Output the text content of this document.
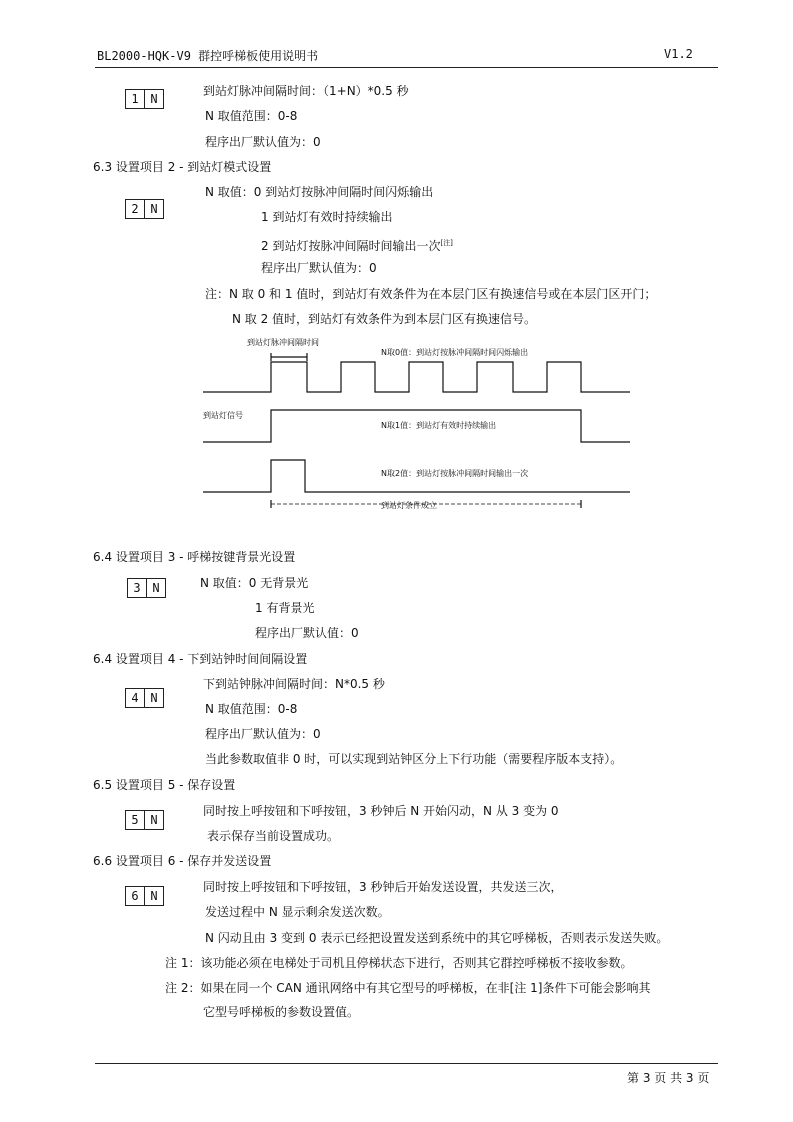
BL2000-HQK-V9 群控呼梯板使用说明书	V1.2
1 N
到站灯脉冲间隔时间：（1+N）*0.5 秒
N 取值范围：0-8
程序出厂默认值为：0
6.3 设置项目 2 - 到站灯模式设置
2 N
N 取值：0 到站灯按脉冲间隔时间闪烁输出
1 到站灯有效时持续输出
2 到站灯按脉冲间隔时间输出一次[注]
程序出厂默认值为：0
注：N 取 0 和 1 值时，到站灯有效条件为在本层门区有换速信号或在本层门区开门；
N 取 2 值时，到站灯有效条件为到本层门区有换速信号。
到站灯脉冲间隔时间
N取0值：到站灯按脉冲间隔时间闪烁输出
到站灯信号
N取1值：到站灯有效时持续输出
N取2值：到站灯按脉冲间隔时间输出一次
到站灯条件成立
6.4 设置项目 3 - 呼梯按键背景光设置
3 N	N 取值：0 无背景光
1 有背景光
程序出厂默认值：0
6.4 设置项目 4 - 下到站钟时间间隔设置
4 N
下到站钟脉冲间隔时间：N*0.5 秒
N 取值范围：0-8
程序出厂默认值为：0
当此参数取值非 0 时，可以实现到站钟区分上下行功能（需要程序版本支持）。
6.5 设置项目 5 - 保存设置
5 N
同时按上呼按钮和下呼按钮，3 秒钟后 N 开始闪动，N 从 3 变为 0
表示保存当前设置成功。
6.6 设置项目 6 - 保存并发送设置
6 N
同时按上呼按钮和下呼按钮，3 秒钟后开始发送设置，共发送三次，
发送过程中 N 显示剩余发送次数。
N 闪动且由 3 变到 0 表示已经把设置发送到系统中的其它呼梯板，否则表示发送失败。
注 1：该功能必须在电梯处于司机且停梯状态下进行，否则其它群控呼梯板不接收参数。
注 2：如果在同一个 CAN 通讯网络中有其它型号的呼梯板，在非[注 1]条件下可能会影响其
它型号呼梯板的参数设置值。
第 3 页 共 3 页
